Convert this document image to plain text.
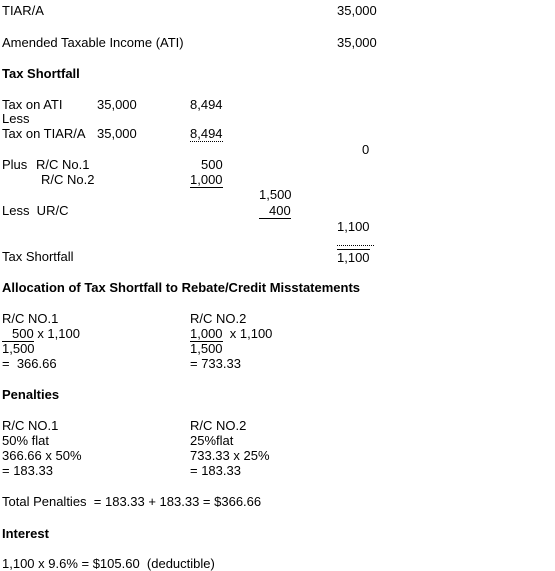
TIAR/A	35,000
Amended Taxable Income (ATI)	35,000
Tax Shortfall
Tax on ATI	35,000	8,494
Less
Tax on TIAR/A 35,000	8,494
0
Plus R/C No.1	500
R/C No.2	1,000
1,500
Less  UR/C	400
1,100
Tax Shortfall	1,100
Allocation of Tax Shortfall to Rebate/Credit Misstatements
R/C NO.1	R/C NO.2
500 x 1,100	1,000  x 1,100
1,500	1,500
=  366.66	= 733.33
Penalties
R/C NO.1	R/C NO.2
50% flat	25%flat
366.66 x 50%	733.33 x 25%
= 183.33	= 183.33
Total Penalties  = 183.33 + 183.33 = $366.66
Interest
1,100 x 9.6% = $105.60  (deductible)
